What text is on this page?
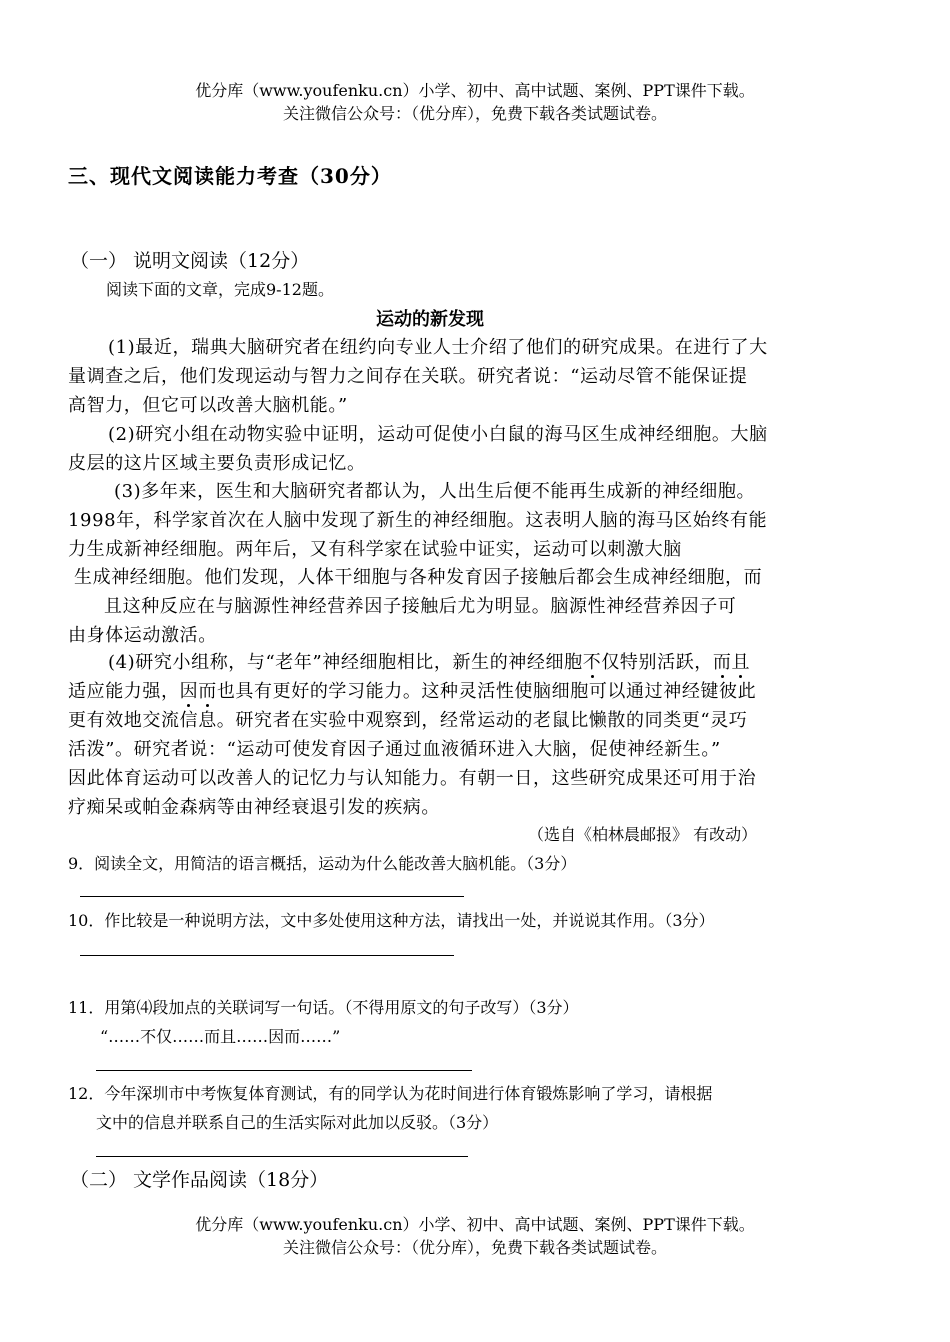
优分库（www.youfenku.cn）小学、初中、高中试题、案例、PPT课件下载。
关注微信公众号：（优分库），免费下载各类试题试卷。
三、现代文阅读能力考查（30分）
（一） 说明文阅读（12分）
阅读下面的文章，完成9-12题。
运动的新发现
(1)最近，瑞典大脑研究者在纽约向专业人士介绍了他们的研究成果。在进行了大
量调查之后，他们发现运动与智力之间存在关联。研究者说：“运动尽管不能保证提
高智力，但它可以改善大脑机能。”
(2)研究小组在动物实验中证明，运动可促使小白鼠的海马区生成神经细胞。大脑
皮层的这片区域主要负责形成记忆。
(3)多年来，医生和大脑研究者都认为，人出生后便不能再生成新的神经细胞。
1998年，科学家首次在人脑中发现了新生的神经细胞。这表明人脑的海马区始终有能
力生成新神经细胞。两年后，又有科学家在试验中证实，运动可以刺激大脑
生成神经细胞。他们发现，人体干细胞与各种发育因子接触后都会生成神经细胞，而
且这种反应在与脑源性神经营养因子接触后尤为明显。脑源性神经营养因子可
由身体运动激活。
(4)研究小组称，与“老年”神经细胞相比，新生的神经细胞不仅特别活跃，而且
适应能力强，因而也具有更好的学习能力。这种灵活性使脑细胞可以通过神经键彼此
更有效地交流信息。研究者在实验中观察到，经常运动的老鼠比懒散的同类更“灵巧
活泼”。研究者说：“运动可使发育因子通过血液循环进入大脑，促使神经新生。”
因此体育运动可以改善人的记忆力与认知能力。有朝一日，这些研究成果还可用于治
疗痴呆或帕金森病等由神经衰退引发的疾病。
（选自《柏林晨邮报》 有改动）
9．阅读全文，用简洁的语言概括，运动为什么能改善大脑机能。（3分）
10．作比较是一种说明方法，文中多处使用这种方法，请找出一处，并说说其作用。（3分）
11．用第⑷段加点的关联词写一句话。（不得用原文的句子改写）（3分）
“……不仅……而且……因而……”
12．今年深圳市中考恢复体育测试，有的同学认为花时间进行体育锻炼影响了学习，请根据
文中的信息并联系自己的生活实际对此加以反驳。（3分）
（二） 文学作品阅读（18分）
优分库（www.youfenku.cn）小学、初中、高中试题、案例、PPT课件下载。
关注微信公众号：（优分库），免费下载各类试题试卷。
